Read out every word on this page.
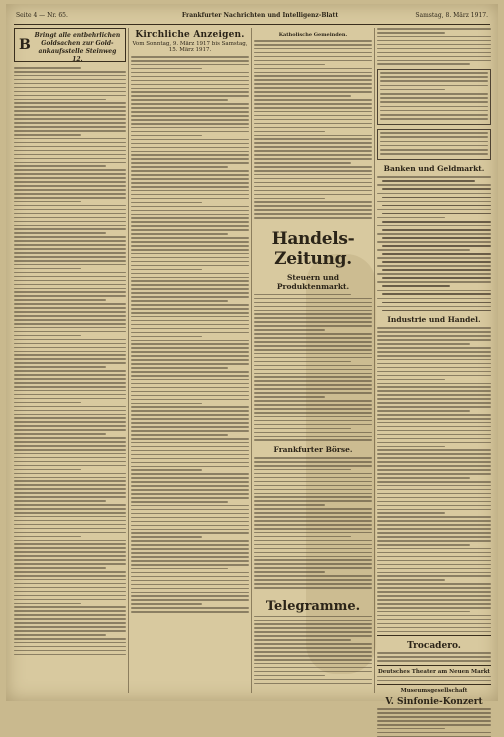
Seite 4 — Nr. 65.	Frankfurter Nachrichten und Intelligenz-Blatt	Samstag, 8. März 1917.
B
Bringt alle entbehrlichen Goldsachen zur Gold-ankaufsstelle Steinweg 12.
Kirchliche Anzeigen.
Vom Sonntag, 9. März 1917 bis Samstag, 15. März 1917.
Katholische Gemeinden.
Handels-Zeitung.
Steuern und Produktenmarkt.
Frankfurter Börse.
Telegramme.
Banken und Geldmarkt.
Industrie und Handel.
Trocadero.
Deutsches Theater am Neuen Markt
Museumsgesellschaft
V. Sinfonie-Konzert
